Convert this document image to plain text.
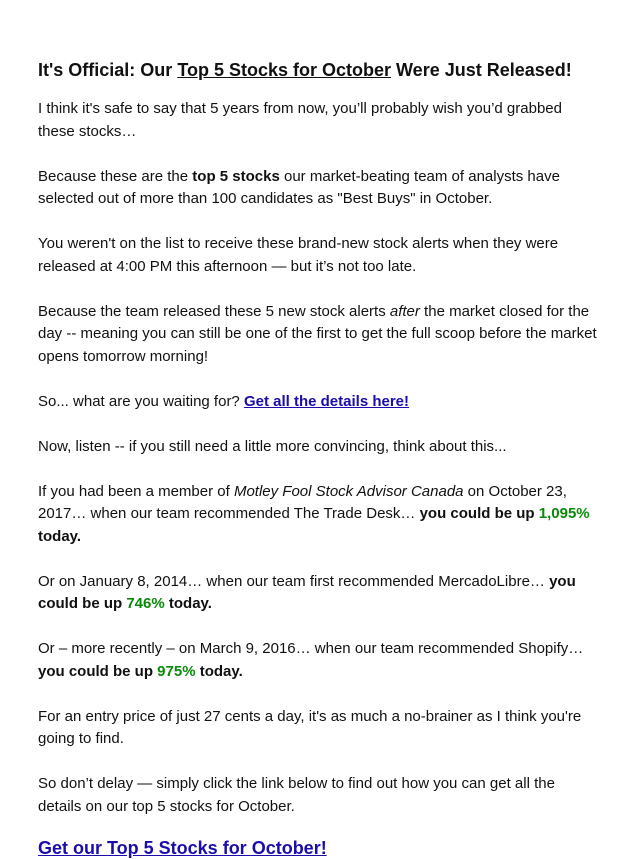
It's Official: Our Top 5 Stocks for October Were Just Released!

I think it's safe to say that 5 years from now, you’ll probably wish you’d grabbed these stocks…

Because these are the top 5 stocks our market-beating team of analysts have selected out of more than 100 candidates as "Best Buys" in October.

You weren't on the list to receive these brand-new stock alerts when they were released at 4:00 PM this afternoon — but it’s not too late.

Because the team released these 5 new stock alerts after the market closed for the day -- meaning you can still be one of the first to get the full scoop before the market opens tomorrow morning!

So... what are you waiting for? Get all the details here!

Now, listen -- if you still need a little more convincing, think about this...

If you had been a member of Motley Fool Stock Advisor Canada on October 23, 2017… when our team recommended The Trade Desk… you could be up 1,095% today.

Or on January 8, 2014… when our team first recommended MercadoLibre… you could be up 746% today.

Or – more recently – on March 9, 2016… when our team recommended Shopify… you could be up 975% today.

For an entry price of just 27 cents a day, it's as much a no-brainer as I think you're going to find.

So don’t delay — simply click the link below to find out how you can get all the details on our top 5 stocks for October.

Get our Top 5 Stocks for October!
